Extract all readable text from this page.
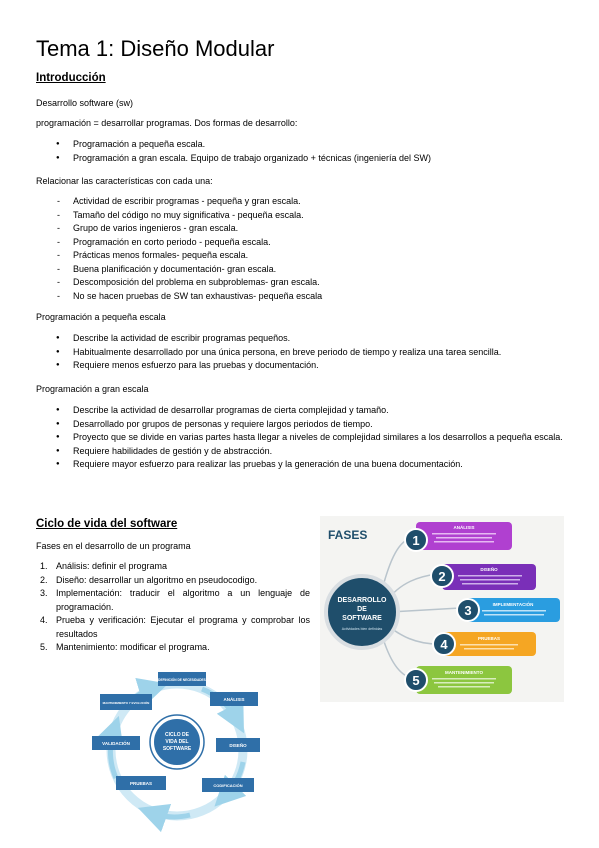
Tema 1: Diseño Modular
Introducción
Desarrollo software (sw)
programación = desarrollar programas. Dos formas de desarrollo:
● Programación a pequeña escala.
● Programación a gran escala. Equipo de trabajo organizado + técnicas (ingeniería del SW)
Relacionar las características con cada una:
- Actividad de escribir programas - pequeña y gran escala.
- Tamaño del código no muy significativa - pequeña escala.
- Grupo de varios ingenieros - gran escala.
- Programación en corto periodo - pequeña escala.
- Prácticas menos formales- pequeña escala.
- Buena planificación y documentación- gran escala.
- Descomposición del problema en subproblemas- gran escala.
- No se hacen pruebas de SW tan exhaustivas- pequeña escala
Programación a pequeña escala
● Describe la actividad de escribir programas pequeños.
● Habitualmente desarrollado por una única persona, en breve periodo de tiempo y realiza una tarea sencilla.
● Requiere menos esfuerzo para las pruebas y documentación.
Programación a gran escala
● Describe la actividad de desarrollar programas de cierta complejidad y tamaño.
● Desarrollado por grupos de personas y requiere largos periodos de tiempo.
● Proyecto que se divide en varias partes hasta llegar a niveles de complejidad similares a los desarrollos a pequeña escala.
● Requiere habilidades de gestión y de abstracción.
● Requiere mayor esfuerzo para realizar las pruebas y la generación de una buena documentación.
Ciclo de vida del software
Fases en el desarrollo de un programa
1. Análisis: definir el programa
2. Diseño: desarrollar un algoritmo en pseudocodigo.
3. Implementación: traducir el algoritmo a un lenguaje de programación.
4. Prueba y verificación: Ejecutar el programa y comprobar los resultados
5. Mantenimiento: modificar el programa.
FASES
DESARROLLO
DE
SOFTWARE
Actividades bien definidas
ANÁLISIS
1
DISEÑO
2
IMPLEMENTACIÓN
3
PRUEBAS
4
MANTENIMIENTO
5
CICLO DE
VIDA DEL
SOFTWARE
DEFINICIÓN DE NECESIDADES
ANÁLISIS
DISEÑO
CODIFICACIÓN
PRUEBAS
VALIDACIÓN
MANTENIMIENTO Y EVOLUCIÓN
